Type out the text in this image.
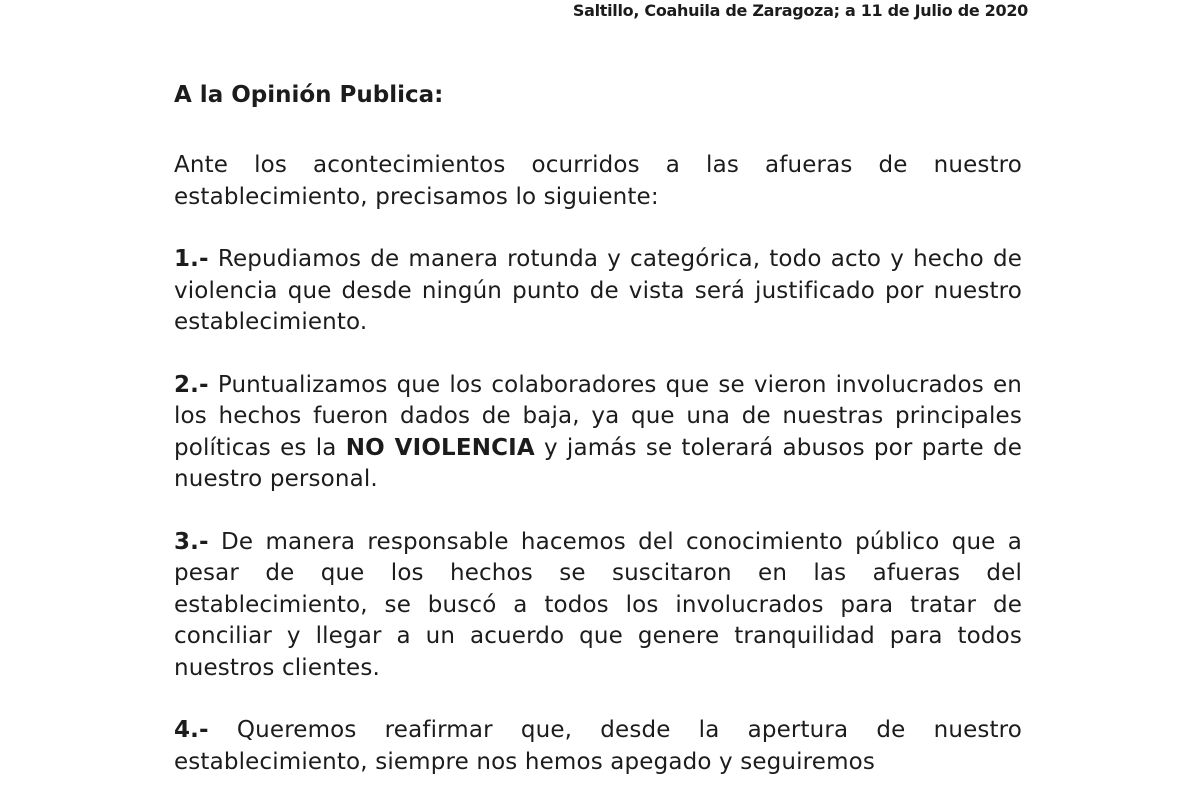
Saltillo, Coahuila de Zaragoza; a 11 de Julio de 2020

A la Opinión Publica:

Ante los acontecimientos ocurridos a las afueras de nuestro establecimiento, precisamos lo siguiente:

1.- Repudiamos de manera rotunda y categórica, todo acto y hecho de violencia que desde ningún punto de vista será justificado por nuestro establecimiento.

2.- Puntualizamos que los colaboradores que se vieron involucrados en los hechos fueron dados de baja, ya que una de nuestras principales políticas es la NO VIOLENCIA y jamás se tolerará abusos por parte de nuestro personal.

3.- De manera responsable hacemos del conocimiento público que a pesar de que los hechos se suscitaron en las afueras del establecimiento, se buscó a todos los involucrados para tratar de conciliar y llegar a un acuerdo que genere tranquilidad para todos nuestros clientes.

4.- Queremos reafirmar que, desde la apertura de nuestro establecimiento, siempre nos hemos apegado y seguiremos
